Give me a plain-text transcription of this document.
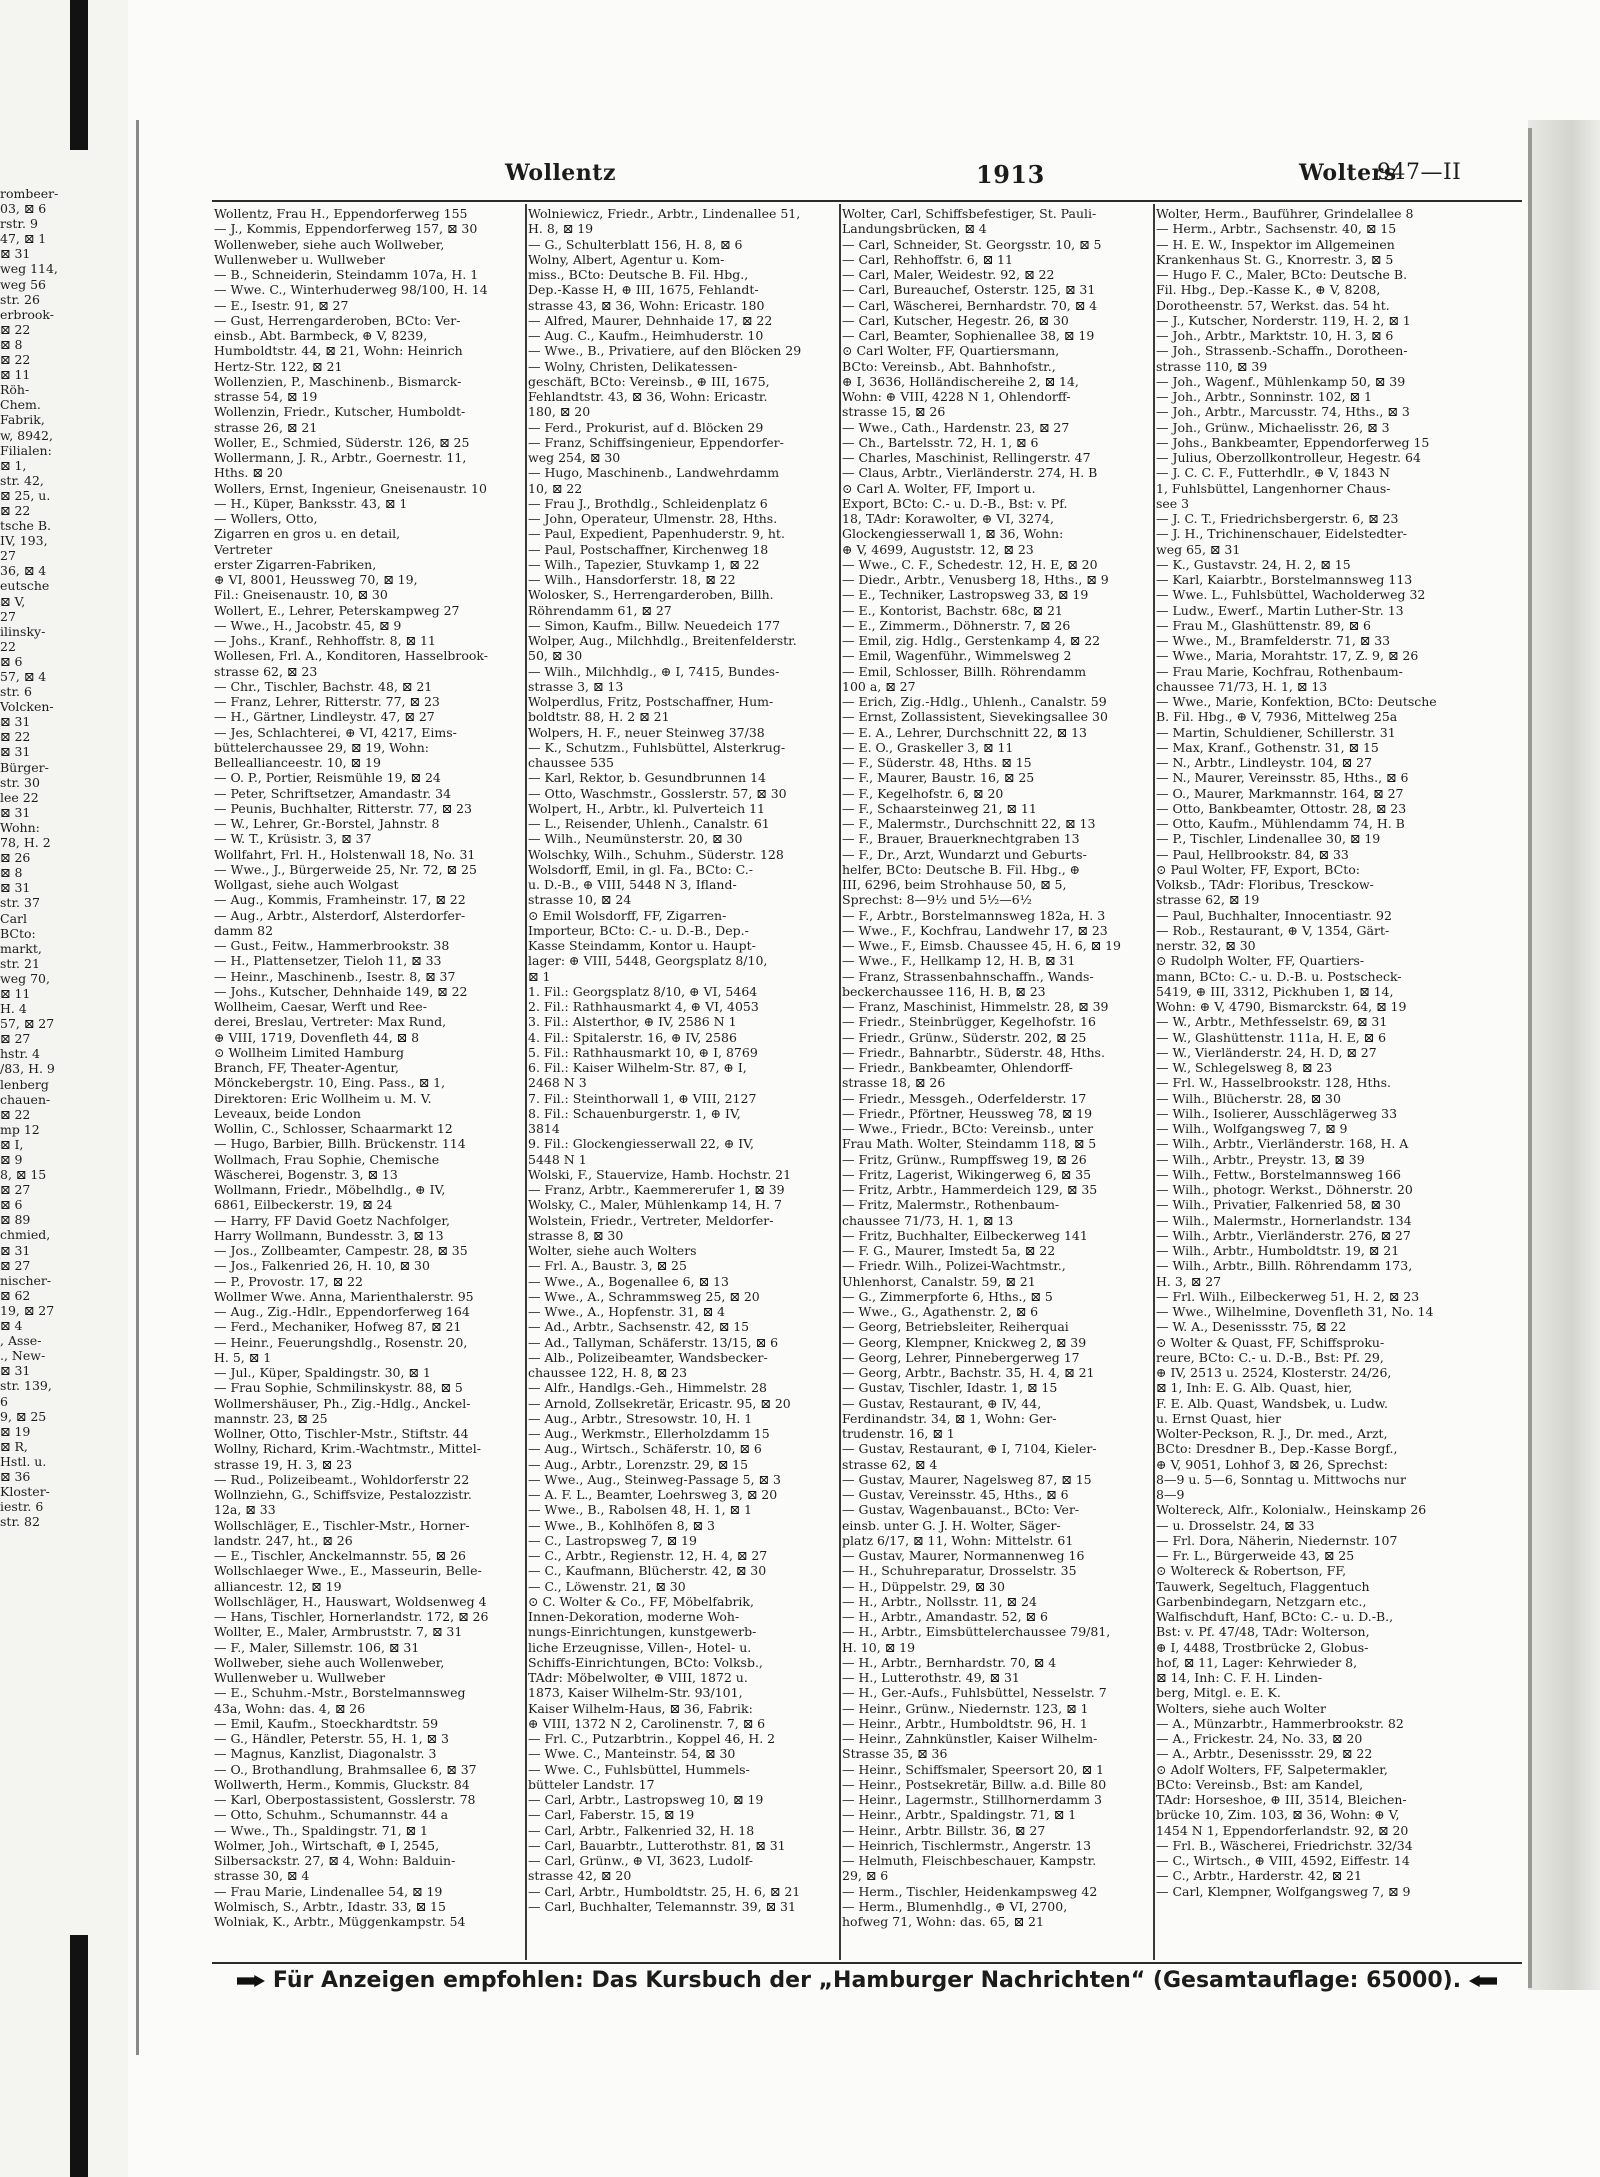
rombeer-
03, ⊠ 6
rstr. 9
47, ⊠ 1
⊠ 31
weg 114,
weg 56
str. 26
erbrook-
⊠ 22
⊠ 8
⊠ 22
⊠ 11
Röh-
Chem.
Fabrik,
w, 8942,
Filialen:
⊠ 1,
str. 42,
⊠ 25, u.
⊠ 22
tsche B.
IV, 193,
27
36, ⊠ 4
eutsche
⊠ V,
27
ilinsky-
22
⊠ 6
57, ⊠ 4
str. 6
Volcken-
⊠ 31
⊠ 22
⊠ 31
Bürger-
str. 30
lee 22
⊠ 31
Wohn:
78, H. 2
⊠ 26
⊠ 8
⊠ 31
str. 37
Carl
BCto:
markt,
str. 21
weg 70,
⊠ 11
H. 4
57, ⊠ 27
⊠ 27
hstr. 4
/83, H. 9
lenberg
chauen-
⊠ 22
mp 12
⊠ I,
⊠ 9
8, ⊠ 15
⊠ 27
⊠ 6
⊠ 89
chmied,
⊠ 31
⊠ 27
nischer-
⊠ 62
19, ⊠ 27
⊠ 4
, Asse-
., New-
⊠ 31
str. 139,
6
9, ⊠ 25
⊠ 19
⊠ R,
Hstl. u.
⊠ 36
Kloster-
iestr. 6
str. 82
Wollentz	1913	Wolters
947—II
Wollentz, Frau H., Eppendorferweg 155
— J., Kommis, Eppendorferweg 157, ⊠ 30
Wollenweber, siehe auch Wollweber,
Wullenweber u. Wullweber
— B., Schneiderin, Steindamm 107a, H. 1
— Wwe. C., Winterhuderweg 98/100, H. 14
— E., Isestr. 91, ⊠ 27
— Gust, Herrengarderoben, BCto: Ver-
einsb., Abt. Barmbeck, ⊕ V, 8239,
Humboldtstr. 44, ⊠ 21, Wohn: Heinrich
Hertz-Str. 122, ⊠ 21
Wollenzien, P., Maschinenb., Bismarck-
strasse 54, ⊠ 19
Wollenzin, Friedr., Kutscher, Humboldt-
strasse 26, ⊠ 21
Woller, E., Schmied, Süderstr. 126, ⊠ 25
Wollermann, J. R., Arbtr., Goernestr. 11,
Hths. ⊠ 20
Wollers, Ernst, Ingenieur, Gneisenaustr. 10
— H., Küper, Banksstr. 43, ⊠ 1
— Wollers, Otto,
Zigarren en gros u. en detail,
Vertreter
erster Zigarren-Fabriken,
⊕ VI, 8001, Heussweg 70, ⊠ 19,
Fil.: Gneisenaustr. 10, ⊠ 30
Wollert, E., Lehrer, Peterskampweg 27
— Wwe., H., Jacobstr. 45, ⊠ 9
— Johs., Kranf., Rehhoffstr. 8, ⊠ 11
Wollesen, Frl. A., Konditoren, Hasselbrook-
strasse 62, ⊠ 23
— Chr., Tischler, Bachstr. 48, ⊠ 21
— Franz, Lehrer, Ritterstr. 77, ⊠ 23
— H., Gärtner, Lindleystr. 47, ⊠ 27
— Jes, Schlachterei, ⊕ VI, 4217, Eims-
büttelerchaussee 29, ⊠ 19, Wohn:
Belleallianceestr. 10, ⊠ 19
— O. P., Portier, Reismühle 19, ⊠ 24
— Peter, Schriftsetzer, Amandastr. 34
— Peunis, Buchhalter, Ritterstr. 77, ⊠ 23
— W., Lehrer, Gr.-Borstel, Jahnstr. 8
— W. T., Krüsistr. 3, ⊠ 37
Wollfahrt, Frl. H., Holstenwall 18, No. 31
— Wwe., J., Bürgerweide 25, Nr. 72, ⊠ 25
Wollgast, siehe auch Wolgast
— Aug., Kommis, Framheinstr. 17, ⊠ 22
— Aug., Arbtr., Alsterdorf, Alsterdorfer-
damm 82
— Gust., Feitw., Hammerbrookstr. 38
— H., Plattensetzer, Tieloh 11, ⊠ 33
— Heinr., Maschinenb., Isestr. 8, ⊠ 37
— Johs., Kutscher, Dehnhaide 149, ⊠ 22
Wollheim, Caesar, Werft und Ree-
derei, Breslau, Vertreter: Max Rund,
⊕ VIII, 1719, Dovenfleth 44, ⊠ 8
⊙ Wollheim Limited Hamburg
Branch, FF, Theater-Agentur,
Mönckebergstr. 10, Eing. Pass., ⊠ 1,
Direktoren: Eric Wollheim u. M. V.
Leveaux, beide London
Wollin, C., Schlosser, Schaarmarkt 12
— Hugo, Barbier, Billh. Brückenstr. 114
Wollmach, Frau Sophie, Chemische
Wäscherei, Bogenstr. 3, ⊠ 13
Wollmann, Friedr., Möbelhdlg., ⊕ IV,
6861, Eilbeckerstr. 19, ⊠ 24
— Harry, FF David Goetz Nachfolger,
Harry Wollmann, Bundesstr. 3, ⊠ 13
— Jos., Zollbeamter, Campestr. 28, ⊠ 35
— Jos., Falkenried 26, H. 10, ⊠ 30
— P., Provostr. 17, ⊠ 22
Wollmer Wwe. Anna, Marienthalerstr. 95
— Aug., Zig.-Hdlr., Eppendorferweg 164
— Ferd., Mechaniker, Hofweg 87, ⊠ 21
— Heinr., Feuerungshdlg., Rosenstr. 20,
H. 5, ⊠ 1
— Jul., Küper, Spaldingstr. 30, ⊠ 1
— Frau Sophie, Schmilinskystr. 88, ⊠ 5
Wollmershäuser, Ph., Zig.-Hdlg., Anckel-
mannstr. 23, ⊠ 25
Wollner, Otto, Tischler-Mstr., Stiftstr. 44
Wollny, Richard, Krim.-Wachtmstr., Mittel-
strasse 19, H. 3, ⊠ 23
— Rud., Polizeibeamt., Wohldorferstr 22
Wollnziehn, G., Schiffsvize, Pestalozzistr.
12a, ⊠ 33
Wollschläger, E., Tischler-Mstr., Horner-
landstr. 247, ht., ⊠ 26
— E., Tischler, Anckelmannstr. 55, ⊠ 26
Wollschlaeger Wwe., E., Masseurin, Belle-
alliancestr. 12, ⊠ 19
Wollschläger, H., Hauswart, Woldsenweg 4
— Hans, Tischler, Hornerlandstr. 172, ⊠ 26
Wollter, E., Maler, Armbruststr. 7, ⊠ 31
— F., Maler, Sillemstr. 106, ⊠ 31
Wollweber, siehe auch Wollenweber,
Wullenweber u. Wullweber
— E., Schuhm.-Mstr., Borstelmannsweg
43a, Wohn: das. 4, ⊠ 26
— Emil, Kaufm., Stoeckhardtstr. 59
— G., Händler, Peterstr. 55, H. 1, ⊠ 3
— Magnus, Kanzlist, Diagonalstr. 3
— O., Brothandlung, Brahmsallee 6, ⊠ 37
Wollwerth, Herm., Kommis, Gluckstr. 84
— Karl, Oberpostassistent, Gosslerstr. 78
— Otto, Schuhm., Schumannstr. 44 a
— Wwe., Th., Spaldingstr. 71, ⊠ 1
Wolmer, Joh., Wirtschaft, ⊕ I, 2545,
Silbersackstr. 27, ⊠ 4, Wohn: Balduin-
strasse 30, ⊠ 4
— Frau Marie, Lindenallee 54, ⊠ 19
Wolmisch, S., Arbtr., Idastr. 33, ⊠ 15
Wolniak, K., Arbtr., Müggenkampstr. 54
Wolniewicz, Friedr., Arbtr., Lindenallee 51,
H. 8, ⊠ 19
— G., Schulterblatt 156, H. 8, ⊠ 6
Wolny, Albert, Agentur u. Kom-
miss., BCto: Deutsche B. Fil. Hbg.,
Dep.-Kasse H, ⊕ III, 1675, Fehlandt-
strasse 43, ⊠ 36, Wohn: Ericastr. 180
— Alfred, Maurer, Dehnhaide 17, ⊠ 22
— Aug. C., Kaufm., Heimhuderstr. 10
— Wwe., B., Privatiere, auf den Blöcken 29
— Wolny, Christen, Delikatessen-
geschäft, BCto: Vereinsb., ⊕ III, 1675,
Fehlandtstr. 43, ⊠ 36, Wohn: Ericastr.
180, ⊠ 20
— Ferd., Prokurist, auf d. Blöcken 29
— Franz, Schiffsingenieur, Eppendorfer-
weg 254, ⊠ 30
— Hugo, Maschinenb., Landwehrdamm
10, ⊠ 22
— Frau J., Brothdlg., Schleidenplatz 6
— John, Operateur, Ulmenstr. 28, Hths.
— Paul, Expedient, Papenhuderstr. 9, ht.
— Paul, Postschaffner, Kirchenweg 18
— Wilh., Tapezier, Stuvkamp 1, ⊠ 22
— Wilh., Hansdorferstr. 18, ⊠ 22
Wolosker, S., Herrengarderoben, Billh.
Röhrendamm 61, ⊠ 27
— Simon, Kaufm., Billw. Neuedeich 177
Wolper, Aug., Milchhdlg., Breitenfelderstr.
50, ⊠ 30
— Wilh., Milchhdlg., ⊕ I, 7415, Bundes-
strasse 3, ⊠ 13
Wolperdlus, Fritz, Postschaffner, Hum-
boldtstr. 88, H. 2 ⊠ 21
Wolpers, H. F., neuer Steinweg 37/38
— K., Schutzm., Fuhlsbüttel, Alsterkrug-
chaussee 535
— Karl, Rektor, b. Gesundbrunnen 14
— Otto, Waschmstr., Gosslerstr. 57, ⊠ 30
Wolpert, H., Arbtr., kl. Pulverteich 11
— L., Reisender, Uhlenh., Canalstr. 61
— Wilh., Neumünsterstr. 20, ⊠ 30
Wolschky, Wilh., Schuhm., Süderstr. 128
Wolsdorff, Emil, in gl. Fa., BCto: C.-
u. D.-B., ⊕ VIII, 5448 N 3, Ifland-
strasse 10, ⊠ 24
⊙ Emil Wolsdorff, FF, Zigarren-
Importeur, BCto: C.- u. D.-B., Dep.-
Kasse Steindamm, Kontor u. Haupt-
lager: ⊕ VIII, 5448, Georgsplatz 8/10,
⊠ 1
1. Fil.: Georgsplatz 8/10, ⊕ VI, 5464
2. Fil.: Rathhausmarkt 4, ⊕ VI, 4053
3. Fil.: Alsterthor, ⊕ IV, 2586 N 1
4. Fil.: Spitalerstr. 16, ⊕ IV, 2586
5. Fil.: Rathhausmarkt 10, ⊕ I, 8769
6. Fil.: Kaiser Wilhelm-Str. 87, ⊕ I,
2468 N 3
7. Fil.: Steinthorwall 1, ⊕ VIII, 2127
8. Fil.: Schauenburgerstr. 1, ⊕ IV,
3814
9. Fil.: Glockengiesserwall 22, ⊕ IV,
5448 N 1
Wolski, F., Stauervize, Hamb. Hochstr. 21
— Franz, Arbtr., Kaemmererufer 1, ⊠ 39
Wolsky, C., Maler, Mühlenkamp 14, H. 7
Wolstein, Friedr., Vertreter, Meldorfer-
strasse 8, ⊠ 30
Wolter, siehe auch Wolters
— Frl. A., Baustr. 3, ⊠ 25
— Wwe., A., Bogenallee 6, ⊠ 13
— Wwe., A., Schrammsweg 25, ⊠ 20
— Wwe., A., Hopfenstr. 31, ⊠ 4
— Ad., Arbtr., Sachsenstr. 42, ⊠ 15
— Ad., Tallyman, Schäferstr. 13/15, ⊠ 6
— Alb., Polizeibeamter, Wandsbecker-
chaussee 122, H. 8, ⊠ 23
— Alfr., Handlgs.-Geh., Himmelstr. 28
— Arnold, Zollsekretär, Ericastr. 95, ⊠ 20
— Aug., Arbtr., Stresowstr. 10, H. 1
— Aug., Werkmstr., Ellerholzdamm 15
— Aug., Wirtsch., Schäferstr. 10, ⊠ 6
— Aug., Arbtr., Lorenzstr. 29, ⊠ 15
— Wwe., Aug., Steinweg-Passage 5, ⊠ 3
— A. F. L., Beamter, Loehrsweg 3, ⊠ 20
— Wwe., B., Rabolsen 48, H. 1, ⊠ 1
— Wwe., B., Kohlhöfen 8, ⊠ 3
— C., Lastropsweg 7, ⊠ 19
— C., Arbtr., Regienstr. 12, H. 4, ⊠ 27
— C., Kaufmann, Blücherstr. 42, ⊠ 30
— C., Löwenstr. 21, ⊠ 30
⊙ C. Wolter & Co., FF, Möbelfabrik,
Innen-Dekoration, moderne Woh-
nungs-Einrichtungen, kunstgewerb-
liche Erzeugnisse, Villen-, Hotel- u.
Schiffs-Einrichtungen, BCto: Volksb.,
TAdr: Möbelwolter, ⊕ VIII, 1872 u.
1873, Kaiser Wilhelm-Str. 93/101,
Kaiser Wilhelm-Haus, ⊠ 36, Fabrik:
⊕ VIII, 1372 N 2, Carolinenstr. 7, ⊠ 6
— Frl. C., Putzarbtrin., Koppel 46, H. 2
— Wwe. C., Manteinstr. 54, ⊠ 30
— Wwe. C., Fuhlsbüttel, Hummels-
bütteler Landstr. 17
— Carl, Arbtr., Lastropsweg 10, ⊠ 19
— Carl, Faberstr. 15, ⊠ 19
— Carl, Arbtr., Falkenried 32, H. 18
— Carl, Bauarbtr., Lutterothstr. 81, ⊠ 31
— Carl, Grünw., ⊕ VI, 3623, Ludolf-
strasse 42, ⊠ 20
— Carl, Arbtr., Humboldtstr. 25, H. 6, ⊠ 21
— Carl, Buchhalter, Telemannstr. 39, ⊠ 31
Wolter, Carl, Schiffsbefestiger, St. Pauli-
Landungsbrücken, ⊠ 4
— Carl, Schneider, St. Georgsstr. 10, ⊠ 5
— Carl, Rehhoffstr. 6, ⊠ 11
— Carl, Maler, Weidestr. 92, ⊠ 22
— Carl, Bureauchef, Osterstr. 125, ⊠ 31
— Carl, Wäscherei, Bernhardstr. 70, ⊠ 4
— Carl, Kutscher, Hegestr. 26, ⊠ 30
— Carl, Beamter, Sophienallee 38, ⊠ 19
⊙ Carl Wolter, FF, Quartiersmann,
BCto: Vereinsb., Abt. Bahnhofstr.,
⊕ I, 3636, Holländischereihe 2, ⊠ 14,
Wohn: ⊕ VIII, 4228 N 1, Ohlendorff-
strasse 15, ⊠ 26
— Wwe., Cath., Hardenstr. 23, ⊠ 27
— Ch., Bartelsstr. 72, H. 1, ⊠ 6
— Charles, Maschinist, Rellingerstr. 47
— Claus, Arbtr., Vierländerstr. 274, H. B
⊙ Carl A. Wolter, FF, Import u.
Export, BCto: C.- u. D.-B., Bst: v. Pf.
18, TAdr: Korawolter, ⊕ VI, 3274,
Glockengiesserwall 1, ⊠ 36, Wohn:
⊕ V, 4699, Auguststr. 12, ⊠ 23
— Wwe., C. F., Schedestr. 12, H. E, ⊠ 20
— Diedr., Arbtr., Venusberg 18, Hths., ⊠ 9
— E., Techniker, Lastropsweg 33, ⊠ 19
— E., Kontorist, Bachstr. 68c, ⊠ 21
— E., Zimmerm., Döhnerstr. 7, ⊠ 26
— Emil, zig. Hdlg., Gerstenkamp 4, ⊠ 22
— Emil, Wagenführ., Wimmelsweg 2
— Emil, Schlosser, Billh. Röhrendamm
100 a, ⊠ 27
— Erich, Zig.-Hdlg., Uhlenh., Canalstr. 59
— Ernst, Zollassistent, Sievekingsallee 30
— E. A., Lehrer, Durchschnitt 22, ⊠ 13
— E. O., Graskeller 3, ⊠ 11
— F., Süderstr. 48, Hths. ⊠ 15
— F., Maurer, Baustr. 16, ⊠ 25
— F., Kegelhofstr. 6, ⊠ 20
— F., Schaarsteinweg 21, ⊠ 11
— F., Malermstr., Durchschnitt 22, ⊠ 13
— F., Brauer, Brauerknechtgraben 13
— F., Dr., Arzt, Wundarzt und Geburts-
helfer, BCto: Deutsche B. Fil. Hbg., ⊕
III, 6296, beim Strohhause 50, ⊠ 5,
Sprechst: 8—9½ und 5½—6½
— F., Arbtr., Borstelmannsweg 182a, H. 3
— Wwe., F., Kochfrau, Landwehr 17, ⊠ 23
— Wwe., F., Eimsb. Chaussee 45, H. 6, ⊠ 19
— Wwe., F., Hellkamp 12, H. B, ⊠ 31
— Franz, Strassenbahnschaffn., Wands-
beckerchaussee 116, H. B, ⊠ 23
— Franz, Maschinist, Himmelstr. 28, ⊠ 39
— Friedr., Steinbrügger, Kegelhofstr. 16
— Friedr., Grünw., Süderstr. 202, ⊠ 25
— Friedr., Bahnarbtr., Süderstr. 48, Hths.
— Friedr., Bankbeamter, Ohlendorff-
strasse 18, ⊠ 26
— Friedr., Messgeh., Oderfelderstr. 17
— Friedr., Pförtner, Heussweg 78, ⊠ 19
— Wwe., Friedr., BCto: Vereinsb., unter
Frau Math. Wolter, Steindamm 118, ⊠ 5
— Fritz, Grünw., Rumpffsweg 19, ⊠ 26
— Fritz, Lagerist, Wikingerweg 6, ⊠ 35
— Fritz, Arbtr., Hammerdeich 129, ⊠ 35
— Fritz, Malermstr., Rothenbaum-
chaussee 71/73, H. 1, ⊠ 13
— Fritz, Buchhalter, Eilbeckerweg 141
— F. G., Maurer, Imstedt 5a, ⊠ 22
— Friedr. Wilh., Polizei-Wachtmstr.,
Uhlenhorst, Canalstr. 59, ⊠ 21
— G., Zimmerpforte 6, Hths., ⊠ 5
— Wwe., G., Agathenstr. 2, ⊠ 6
— Georg, Betriebsleiter, Reiherquai
— Georg, Klempner, Knickweg 2, ⊠ 39
— Georg, Lehrer, Pinnebergerweg 17
— Georg, Arbtr., Bachstr. 35, H. 4, ⊠ 21
— Gustav, Tischler, Idastr. 1, ⊠ 15
— Gustav, Restaurant, ⊕ IV, 44,
Ferdinandstr. 34, ⊠ 1, Wohn: Ger-
trudenstr. 16, ⊠ 1
— Gustav, Restaurant, ⊕ I, 7104, Kieler-
strasse 62, ⊠ 4
— Gustav, Maurer, Nagelsweg 87, ⊠ 15
— Gustav, Vereinsstr. 45, Hths., ⊠ 6
— Gustav, Wagenbauanst., BCto: Ver-
einsb. unter G. J. H. Wolter, Säger-
platz 6/17, ⊠ 11, Wohn: Mittelstr. 61
— Gustav, Maurer, Normannenweg 16
— H., Schuhreparatur, Drosselstr. 35
— H., Düppelstr. 29, ⊠ 30
— H., Arbtr., Nollsstr. 11, ⊠ 24
— H., Arbtr., Amandastr. 52, ⊠ 6
— H., Arbtr., Eimsbüttelerchaussee 79/81,
H. 10, ⊠ 19
— H., Arbtr., Bernhardstr. 70, ⊠ 4
— H., Lutterothstr. 49, ⊠ 31
— H., Ger.-Aufs., Fuhlsbüttel, Nesselstr. 7
— Heinr., Grünw., Niedernstr. 123, ⊠ 1
— Heinr., Arbtr., Humboldtstr. 96, H. 1
— Heinr., Zahnkünstler, Kaiser Wilhelm-
Strasse 35, ⊠ 36
— Heinr., Schiffsmaler, Speersort 20, ⊠ 1
— Heinr., Postsekretär, Billw. a.d. Bille 80
— Heinr., Lagermstr., Stillhornerdamm 3
— Heinr., Arbtr., Spaldingstr. 71, ⊠ 1
— Heinr., Arbtr. Billstr. 36, ⊠ 27
— Heinrich, Tischlermstr., Angerstr. 13
— Helmuth, Fleischbeschauer, Kampstr.
29, ⊠ 6
— Herm., Tischler, Heidenkampsweg 42
— Herm., Blumenhdlg., ⊕ VI, 2700,
hofweg 71, Wohn: das. 65, ⊠ 21
Wolter, Herm., Bauführer, Grindelallee 8
— Herm., Arbtr., Sachsenstr. 40, ⊠ 15
— H. E. W., Inspektor im Allgemeinen
Krankenhaus St. G., Knorrestr. 3, ⊠ 5
— Hugo F. C., Maler, BCto: Deutsche B.
Fil. Hbg., Dep.-Kasse K., ⊕ V, 8208,
Dorotheenstr. 57, Werkst. das. 54 ht.
— J., Kutscher, Norderstr. 119, H. 2, ⊠ 1
— Joh., Arbtr., Marktstr. 10, H. 3, ⊠ 6
— Joh., Strassenb.-Schaffn., Dorotheen-
strasse 110, ⊠ 39
— Joh., Wagenf., Mühlenkamp 50, ⊠ 39
— Joh., Arbtr., Sonninstr. 102, ⊠ 1
— Joh., Arbtr., Marcusstr. 74, Hths., ⊠ 3
— Joh., Grünw., Michaelisstr. 26, ⊠ 3
— Johs., Bankbeamter, Eppendorferweg 15
— Julius, Oberzollkontrolleur, Hegestr. 64
— J. C. C. F., Futterhdlr., ⊕ V, 1843 N
1, Fuhlsbüttel, Langenhorner Chaus-
see 3
— J. C. T., Friedrichsbergerstr. 6, ⊠ 23
— J. H., Trichinenschauer, Eidelstedter-
weg 65, ⊠ 31
— K., Gustavstr. 24, H. 2, ⊠ 15
— Karl, Kaiarbtr., Borstelmannsweg 113
— Wwe. L., Fuhlsbüttel, Wacholderweg 32
— Ludw., Ewerf., Martin Luther-Str. 13
— Frau M., Glashüttenstr. 89, ⊠ 6
— Wwe., M., Bramfelderstr. 71, ⊠ 33
— Wwe., Maria, Morahtstr. 17, Z. 9, ⊠ 26
— Frau Marie, Kochfrau, Rothenbaum-
chaussee 71/73, H. 1, ⊠ 13
— Wwe., Marie, Konfektion, BCto: Deutsche
B. Fil. Hbg., ⊕ V, 7936, Mittelweg 25a
— Martin, Schuldiener, Schillerstr. 31
— Max, Kranf., Gothenstr. 31, ⊠ 15
— N., Arbtr., Lindleystr. 104, ⊠ 27
— N., Maurer, Vereinsstr. 85, Hths., ⊠ 6
— O., Maurer, Markmannstr. 164, ⊠ 27
— Otto, Bankbeamter, Ottostr. 28, ⊠ 23
— Otto, Kaufm., Mühlendamm 74, H. B
— P., Tischler, Lindenallee 30, ⊠ 19
— Paul, Hellbrookstr. 84, ⊠ 33
⊙ Paul Wolter, FF, Export, BCto:
Volksb., TAdr: Floribus, Tresckow-
strasse 62, ⊠ 19
— Paul, Buchhalter, Innocentiastr. 92
— Rob., Restaurant, ⊕ V, 1354, Gärt-
nerstr. 32, ⊠ 30
⊙ Rudolph Wolter, FF, Quartiers-
mann, BCto: C.- u. D.-B. u. Postscheck-
5419, ⊕ III, 3312, Pickhuben 1, ⊠ 14,
Wohn: ⊕ V, 4790, Bismarckstr. 64, ⊠ 19
— W., Arbtr., Methfesselstr. 69, ⊠ 31
— W., Glashüttenstr. 111a, H. E, ⊠ 6
— W., Vierländerstr. 24, H. D, ⊠ 27
— W., Schlegelsweg 8, ⊠ 23
— Frl. W., Hasselbrookstr. 128, Hths.
— Wilh., Blücherstr. 28, ⊠ 30
— Wilh., Isolierer, Ausschlägerweg 33
— Wilh., Wolfgangsweg 7, ⊠ 9
— Wilh., Arbtr., Vierländerstr. 168, H. A
— Wilh., Arbtr., Preystr. 13, ⊠ 39
— Wilh., Fettw., Borstelmannsweg 166
— Wilh., photogr. Werkst., Döhnerstr. 20
— Wilh., Privatier, Falkenried 58, ⊠ 30
— Wilh., Malermstr., Hornerlandstr. 134
— Wilh., Arbtr., Vierländerstr. 276, ⊠ 27
— Wilh., Arbtr., Humboldtstr. 19, ⊠ 21
— Wilh., Arbtr., Billh. Röhrendamm 173,
H. 3, ⊠ 27
— Frl. Wilh., Eilbeckerweg 51, H. 2, ⊠ 23
— Wwe., Wilhelmine, Dovenfleth 31, No. 14
— W. A., Desenissstr. 75, ⊠ 22
⊙ Wolter & Quast, FF, Schiffsproku-
reure, BCto: C.- u. D.-B., Bst: Pf. 29,
⊕ IV, 2513 u. 2524, Klosterstr. 24/26,
⊠ 1, Inh: E. G. Alb. Quast, hier,
F. E. Alb. Quast, Wandsbek, u. Ludw.
u. Ernst Quast, hier
Wolter-Peckson, R. J., Dr. med., Arzt,
BCto: Dresdner B., Dep.-Kasse Borgf.,
⊕ V, 9051, Lohhof 3, ⊠ 26, Sprechst:
8—9 u. 5—6, Sonntag u. Mittwochs nur
8—9
Woltereck, Alfr., Kolonialw., Heinskamp 26
— u. Drosselstr. 24, ⊠ 33
— Frl. Dora, Näherin, Niedernstr. 107
— Fr. L., Bürgerweide 43, ⊠ 25
⊙ Woltereck & Robertson, FF,
Tauwerk, Segeltuch, Flaggentuch
Garbenbindegarn, Netzgarn etc.,
Walfischduft, Hanf, BCto: C.- u. D.-B.,
Bst: v. Pf. 47/48, TAdr: Wolterson,
⊕ I, 4488, Trostbrücke 2, Globus-
hof, ⊠ 11, Lager: Kehrwieder 8,
⊠ 14, Inh: C. F. H. Linden-
berg, Mitgl. e. E. K.
Wolters, siehe auch Wolter
— A., Münzarbtr., Hammerbrookstr. 82
— A., Frickestr. 24, No. 33, ⊠ 20
— A., Arbtr., Desenissstr. 29, ⊠ 22
⊙ Adolf Wolters, FF, Salpetermakler,
BCto: Vereinsb., Bst: am Kandel,
TAdr: Horseshoe, ⊕ III, 3514, Bleichen-
brücke 10, Zim. 103, ⊠ 36, Wohn: ⊕ V,
1454 N 1, Eppendorferlandstr. 92, ⊠ 20
— Frl. B., Wäscherei, Friedrichstr. 32/34
— C., Wirtsch., ⊕ VIII, 4592, Eiffestr. 14
— C., Arbtr., Harderstr. 42, ⊠ 21
— Carl, Klempner, Wolfgangsweg 7, ⊠ 9
Für Anzeigen empfohlen: Das Kursbuch der „Hamburger Nachrichten“ (Gesamtauflage: 65000).
